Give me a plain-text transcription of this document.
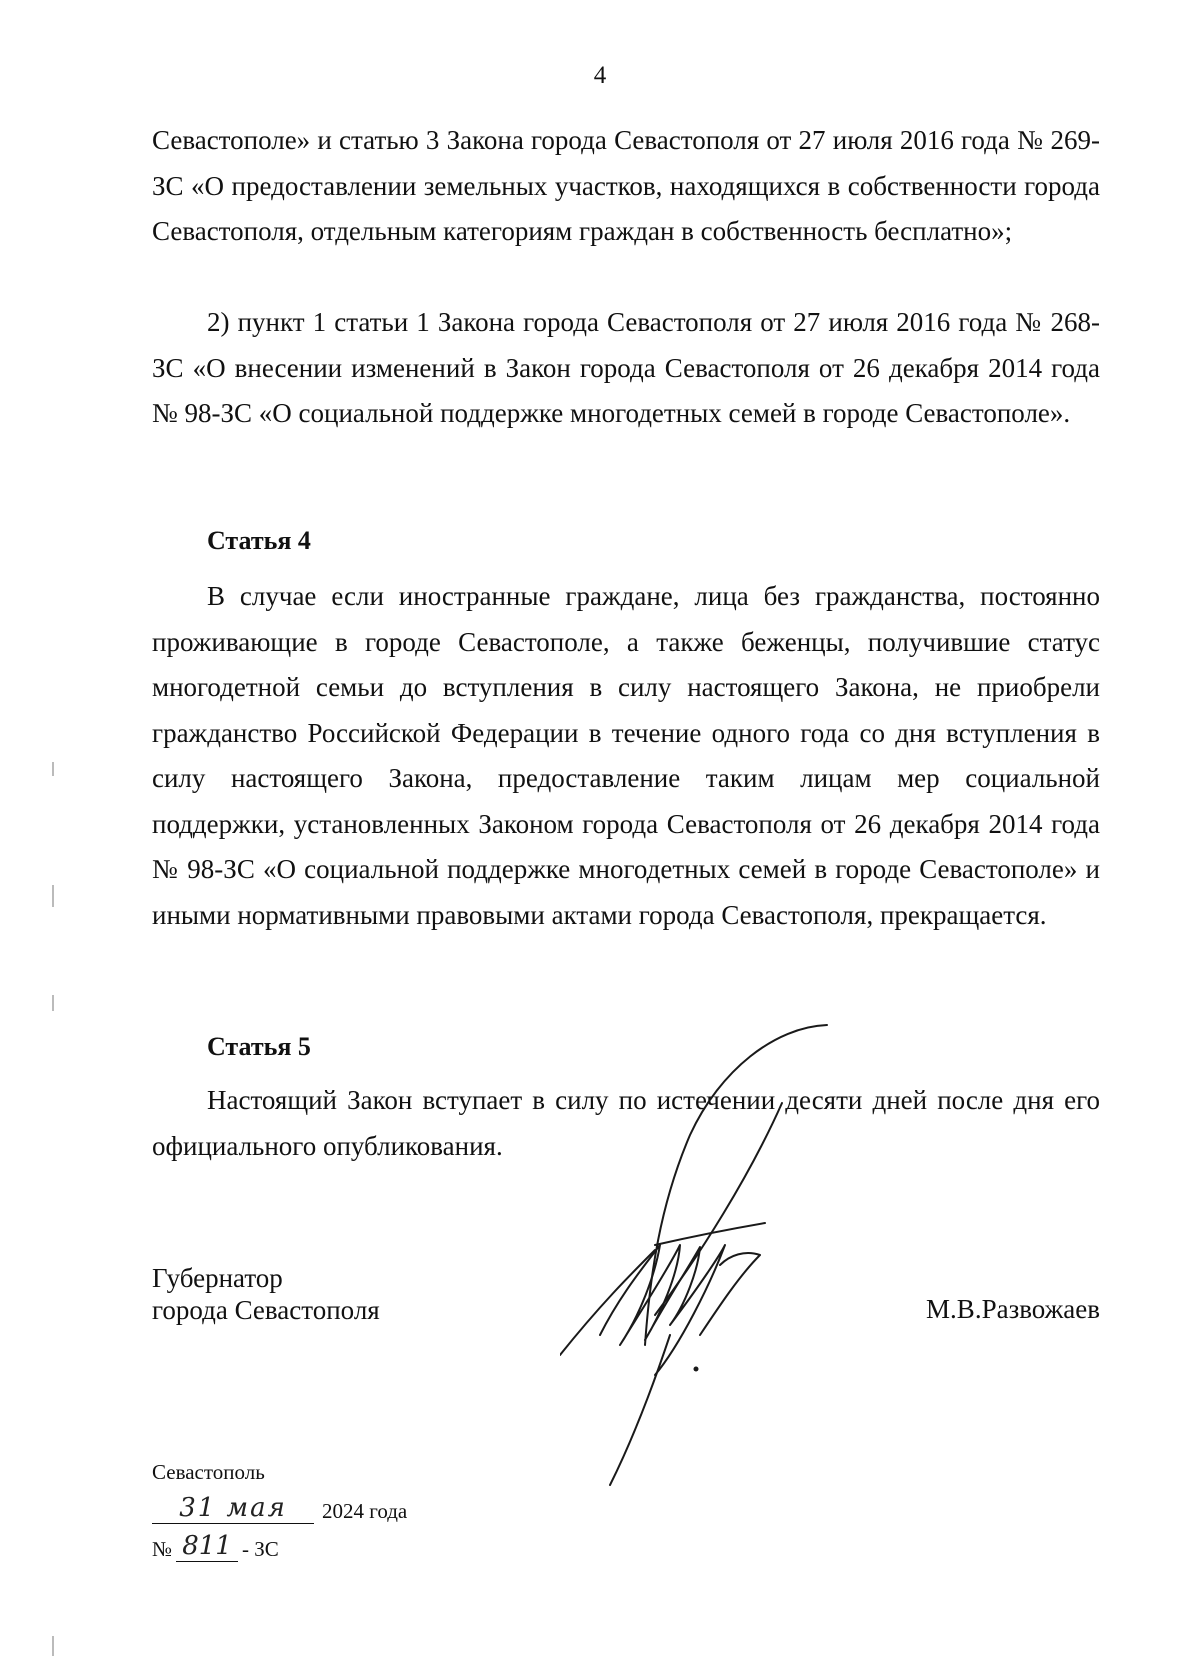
4

Севастополе» и статью 3 Закона города Севастополя от 27 июля 2016 года № 269-ЗС «О предоставлении земельных участков, находящихся в собственности города Севастополя, отдельным категориям граждан в собственность бесплатно»;

2) пункт 1 статьи 1 Закона города Севастополя от 27 июля 2016 года № 268-ЗС «О внесении изменений в Закон города Севастополя от 26 декабря 2014 года № 98-ЗС «О социальной поддержке многодетных семей в городе Севастополе».

Статья 4

В случае если иностранные граждане, лица без гражданства, постоянно проживающие в городе Севастополе, а также беженцы, получившие статус многодетной семьи до вступления в силу настоящего Закона, не приобрели гражданство Российской Федерации в течение одного года со дня вступления в силу настоящего Закона, предоставление таким лицам мер социальной поддержки, установленных Законом города Севастополя от 26 декабря 2014 года № 98-ЗС «О социальной поддержке многодетных семей в городе Севастополе» и иными нормативными правовыми актами города Севастополя, прекращается.

Статья 5

Настоящий Закон вступает в силу по истечении десяти дней после дня его официального опубликования.

Губернатор
города Севастополя	М.В.Развожаев
Севастополь
31 мая	2024 года
№ 811 - ЗС
